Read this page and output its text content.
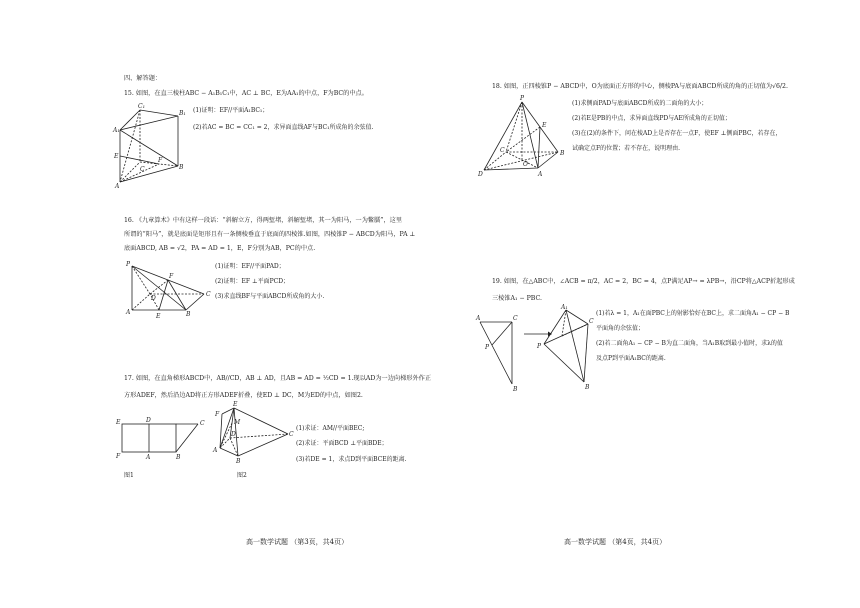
四、解答题：
15. 如图，在直三棱柱ABC − A₁B₁C₁中，AC ⊥ BC，E为AA₁的中点，F为BC的中点。
(1)证明：EF//平面A₁BC₁；
(2)若AC = BC = CC₁ = 2，求异面直线AF与BC₁所成角的余弦值.
C₁
B₁
A₁
E
F
C	B
A
16. 《九章算术》中有这样一段话：“斜解立方，得两堑堵，斜解堑堵，其一为阳马，一为鳖臑”，这里
所谓的“阳马”，就是底面是矩形且有一条侧棱垂直于底面的四棱锥.如图，四棱锥P − ABCD为阳马，PA ⊥
底面ABCD, AB = √2，PA = AD = 1，E，F分别为AB，PC的中点.
(1)证明：EF//平面PAD；
(2)证明：EF ⊥平面PCD；
(3)求直线BF与平面ABCD所成角的大小.
P
F
D
C
A
E	B
17. 如图，在直角梯形ABCD中，AB//CD，AB ⊥ AD，且AB = AD = ½CD = 1.现以AD为一边向梯形外作正
方形ADEF，然后沿边AD将正方形ADEF折叠，使ED ⊥ DC，M为ED的中点，如图2.
(1)求证：AM//平面BEC;
(2)求证：平面BCD ⊥平面BDE；
(3)若DE = 1，求点D到平面BCE的距离.
E	D	C
F	A	B
图1
E
F
M
D
A
B
C
图2
高一数学试题 （第3页，共4页）
18. 如图，正四棱锥P − ABCD中，O为底面正方形的中心，侧棱PA与底面ABCD所成的角的正切值为√6/2.
(1)求侧面PAD与底面ABCD所成的二面角的大小；
(2)若E是PB的中点，求异面直线PD与AE所成角的正切值；
(3)在(2)的条件下，问在棱AD上是否存在一点F，使EF ⊥侧面PBC，若存在，
试确定点F的位置；若不存在，说明理由.
P
E
C	B
O
D	A
19. 如图，在△ABC中，∠ACB = π/2，AC = 2，BC = 4，点P满足AP→ = λPB→，沿CP将△ACP折起形成
三棱锥A₁ − PBC.
(1)若λ = 1，A₁在面PBC上的射影恰好在BC上，求二面角A₁ − CP − B
平面角的余弦值；
(2)若二面角A₁ − CP − B为直二面角，当A₁B取到最小值时，求λ的值
及点P到平面A₁BC的距离.
A	C
P
B
A₁
C
P
B
高一数学试题 （第4页，共4页）
